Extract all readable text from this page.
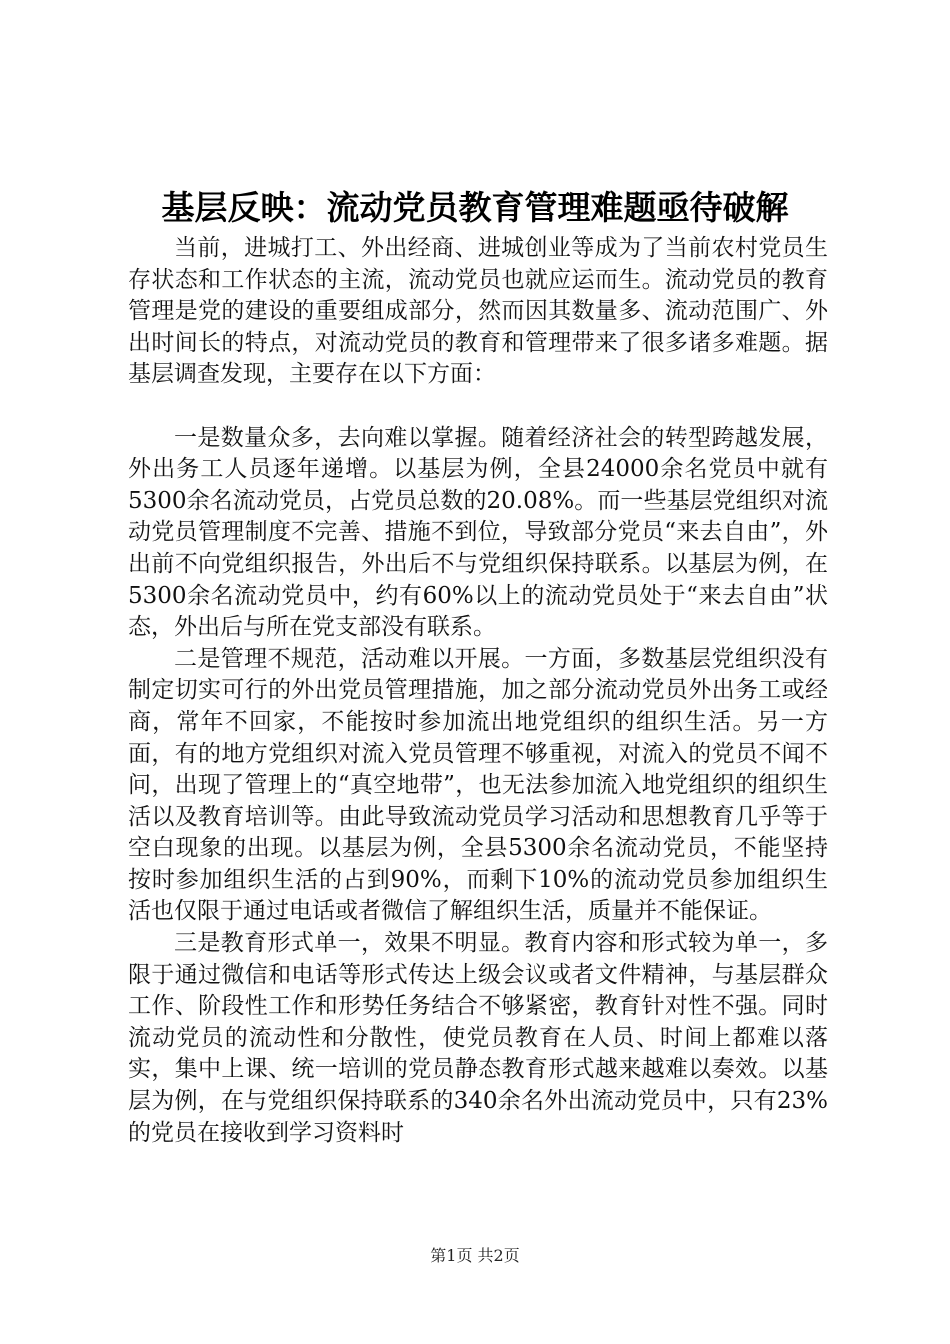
基层反映：流动党员教育管理难题亟待破解

当前，进城打工、外出经商、进城创业等成为了当前农村党员生存状态和工作状态的主流，流动党员也就应运而生。流动党员的教育管理是党的建设的重要组成部分，然而因其数量多、流动范围广、外出时间长的特点，对流动党员的教育和管理带来了很多诸多难题。据基层调查发现，主要存在以下方面：

一是数量众多，去向难以掌握。随着经济社会的转型跨越发展，外出务工人员逐年递增。以基层为例，全县24000余名党员中就有5300余名流动党员，占党员总数的20.08%。而一些基层党组织对流动党员管理制度不完善、措施不到位，导致部分党员“来去自由”，外出前不向党组织报告，外出后不与党组织保持联系。以基层为例，在5300余名流动党员中，约有60%以上的流动党员处于“来去自由”状态，外出后与所在党支部没有联系。

二是管理不规范，活动难以开展。一方面，多数基层党组织没有制定切实可行的外出党员管理措施，加之部分流动党员外出务工或经商，常年不回家，不能按时参加流出地党组织的组织生活。另一方面，有的地方党组织对流入党员管理不够重视，对流入的党员不闻不问，出现了管理上的“真空地带”，也无法参加流入地党组织的组织生活以及教育培训等。由此导致流动党员学习活动和思想教育几乎等于空白现象的出现。以基层为例，全县5300余名流动党员，不能坚持按时参加组织生活的占到90%，而剩下10%的流动党员参加组织生活也仅限于通过电话或者微信了解组织生活，质量并不能保证。

三是教育形式单一，效果不明显。教育内容和形式较为单一，多限于通过微信和电话等形式传达上级会议或者文件精神，与基层群众工作、阶段性工作和形势任务结合不够紧密，教育针对性不强。同时流动党员的流动性和分散性，使党员教育在人员、时间上都难以落实，集中上课、统一培训的党员静态教育形式越来越难以奏效。以基层为例，在与党组织保持联系的340余名外出流动党员中，只有23%的党员在接收到学习资料时

第1页 共2页
